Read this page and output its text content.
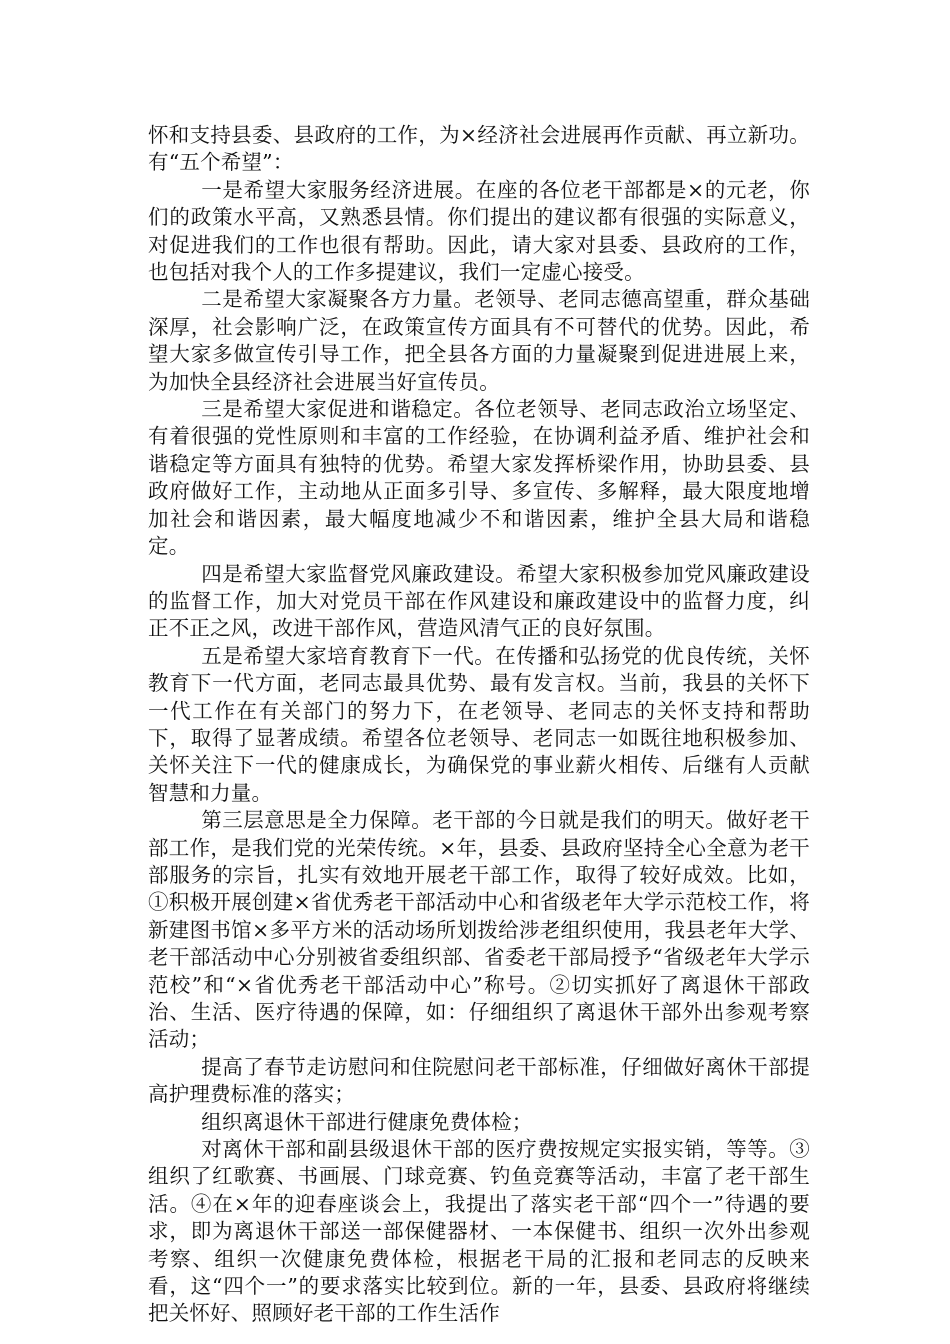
怀和支持县委、县政府的工作，为×经济社会进展再作贡献、再立新功。有“五个希望”：

一是希望大家服务经济进展。在座的各位老干部都是×的元老，你们的政策水平高，又熟悉县情。你们提出的建议都有很强的实际意义，对促进我们的工作也很有帮助。因此，请大家对县委、县政府的工作，也包括对我个人的工作多提建议，我们一定虚心接受。

二是希望大家凝聚各方力量。老领导、老同志德高望重，群众基础深厚，社会影响广泛，在政策宣传方面具有不可替代的优势。因此，希望大家多做宣传引导工作，把全县各方面的力量凝聚到促进进展上来，为加快全县经济社会进展当好宣传员。

三是希望大家促进和谐稳定。各位老领导、老同志政治立场坚定、有着很强的党性原则和丰富的工作经验，在协调利益矛盾、维护社会和谐稳定等方面具有独特的优势。希望大家发挥桥梁作用，协助县委、县政府做好工作，主动地从正面多引导、多宣传、多解释，最大限度地增加社会和谐因素，最大幅度地减少不和谐因素，维护全县大局和谐稳定。

四是希望大家监督党风廉政建设。希望大家积极参加党风廉政建设的监督工作，加大对党员干部在作风建设和廉政建设中的监督力度，纠正不正之风，改进干部作风，营造风清气正的良好氛围。

五是希望大家培育教育下一代。在传播和弘扬党的优良传统，关怀教育下一代方面，老同志最具优势、最有发言权。当前，我县的关怀下一代工作在有关部门的努力下，在老领导、老同志的关怀支持和帮助下，取得了显著成绩。希望各位老领导、老同志一如既往地积极参加、关怀关注下一代的健康成长，为确保党的事业薪火相传、后继有人贡献智慧和力量。

第三层意思是全力保障。老干部的今日就是我们的明天。做好老干部工作，是我们党的光荣传统。×年，县委、县政府坚持全心全意为老干部服务的宗旨，扎实有效地开展老干部工作，取得了较好成效。比如，①积极开展创建×省优秀老干部活动中心和省级老年大学示范校工作，将新建图书馆×多平方米的活动场所划拨给涉老组织使用，我县老年大学、老干部活动中心分别被省委组织部、省委老干部局授予“省级老年大学示范校”和“×省优秀老干部活动中心”称号。②切实抓好了离退休干部政治、生活、医疗待遇的保障，如：仔细组织了离退休干部外出参观考察活动；

提高了春节走访慰问和住院慰问老干部标准，仔细做好离休干部提高护理费标准的落实；

组织离退休干部进行健康免费体检；

对离休干部和副县级退休干部的医疗费按规定实报实销，等等。③组织了红歌赛、书画展、门球竞赛、钓鱼竞赛等活动，丰富了老干部生活。④在×年的迎春座谈会上，我提出了落实老干部“四个一”待遇的要求，即为离退休干部送一部保健器材、一本保健书、组织一次外出参观考察、组织一次健康免费体检，根据老干局的汇报和老同志的反映来看，这“四个一”的要求落实比较到位。新的一年，县委、县政府将继续把关怀好、照顾好老干部的工作生活作
